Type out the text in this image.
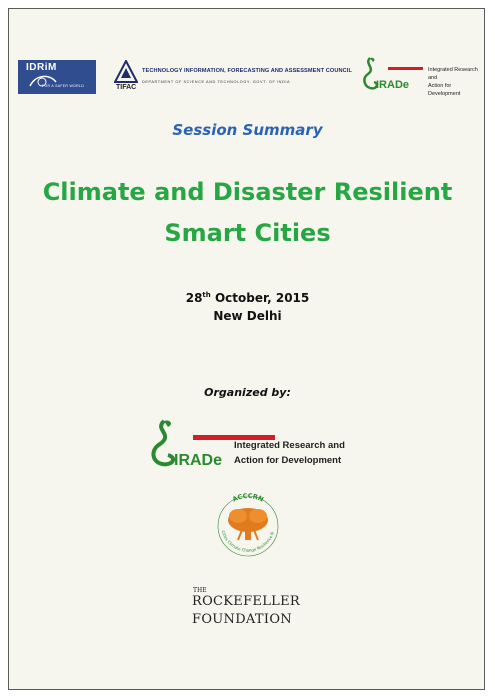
IDRiM
FOR A SAFER WORLD	TIFAC
TECHNOLOGY INFORMATION, FORECASTING AND ASSESSMENT COUNCIL
DEPARTMENT OF SCIENCE AND TECHNOLOGY, GOVT. OF INDIA	IRADe
Integrated Research and
Action for Development
Session Summary
Climate and Disaster Resilient
Smart Cities
28th October, 2015
New Delhi
Organized by:
IRADe
Integrated Research and
Action for Development
ACCCRN
Cities Climate Change Resilience N
THE
ROCKEFELLER
FOUNDATION
